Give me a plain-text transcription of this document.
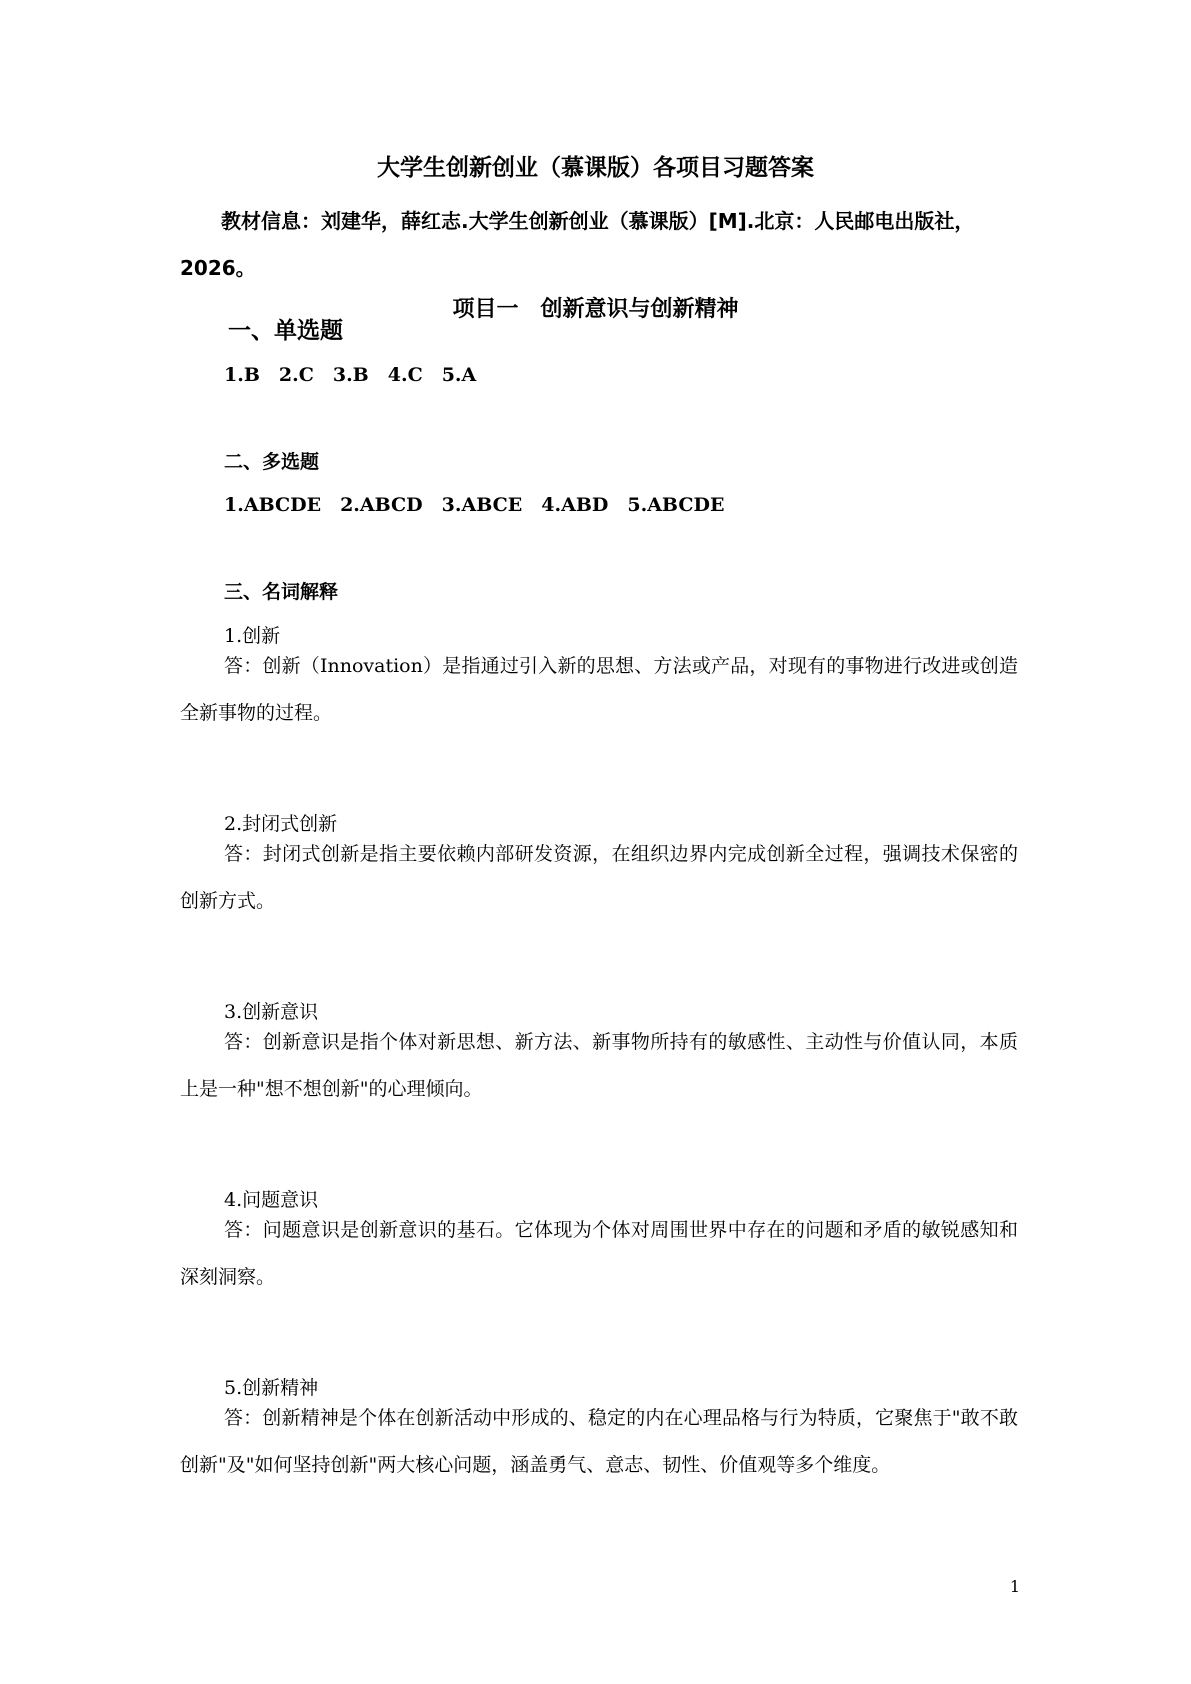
大学生创新创业（慕课版）各项目习题答案
教材信息：刘建华，薛红志.大学生创新创业（慕课版）[M].北京：人民邮电出版社，2026。
项目一　创新意识与创新精神
一、单选题
1.B　2.C　3.B　4.C　5.A
二、多选题
1.ABCDE　2.ABCD　3.ABCE　4.ABD　5.ABCDE
三、名词解释
1.创新
答：创新（Innovation）是指通过引入新的思想、方法或产品，对现有的事物进行改进或创造全新事物的过程。
2.封闭式创新
答：封闭式创新是指主要依赖内部研发资源，在组织边界内完成创新全过程，强调技术保密的创新方式。
3.创新意识
答：创新意识是指个体对新思想、新方法、新事物所持有的敏感性、主动性与价值认同，本质上是一种"想不想创新"的心理倾向。
4.问题意识
答：问题意识是创新意识的基石。它体现为个体对周围世界中存在的问题和矛盾的敏锐感知和深刻洞察。
5.创新精神
答：创新精神是个体在创新活动中形成的、稳定的内在心理品格与行为特质，它聚焦于"敢不敢创新"及"如何坚持创新"两大核心问题，涵盖勇气、意志、韧性、价值观等多个维度。
1
